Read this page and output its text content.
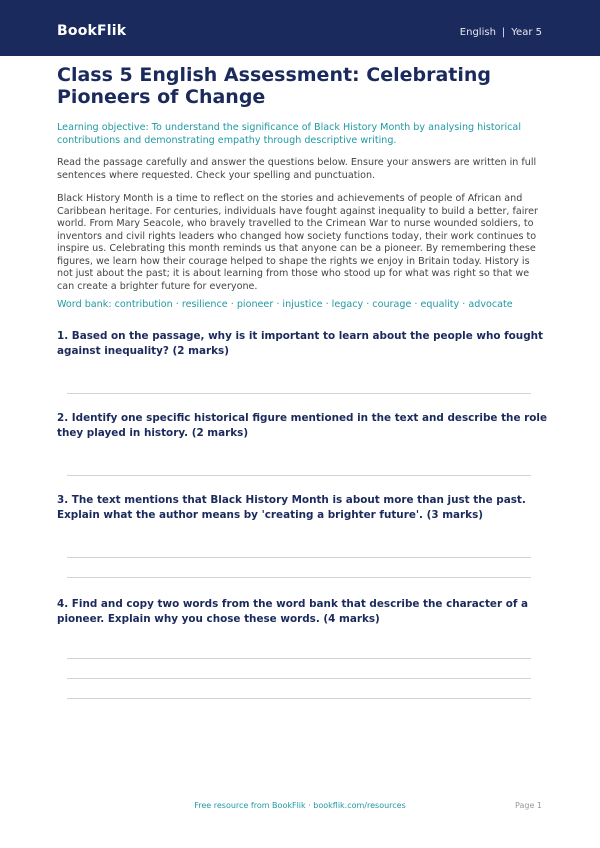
BookFlik	English | Year 5
Class 5 English Assessment: Celebrating Pioneers of Change
Learning objective: To understand the significance of Black History Month by analysing historical contributions and demonstrating empathy through descriptive writing.
Read the passage carefully and answer the questions below. Ensure your answers are written in full sentences where requested. Check your spelling and punctuation.
Black History Month is a time to reflect on the stories and achievements of people of African and Caribbean heritage. For centuries, individuals have fought against inequality to build a better, fairer world. From Mary Seacole, who bravely travelled to the Crimean War to nurse wounded soldiers, to inventors and civil rights leaders who changed how society functions today, their work continues to inspire us. Celebrating this month reminds us that anyone can be a pioneer. By remembering these figures, we learn how their courage helped to shape the rights we enjoy in Britain today. History is not just about the past; it is about learning from those who stood up for what was right so that we can create a brighter future for everyone.
Word bank: contribution · resilience · pioneer · injustice · legacy · courage · equality · advocate
1. Based on the passage, why is it important to learn about the people who fought against inequality? (2 marks)
2. Identify one specific historical figure mentioned in the text and describe the role they played in history. (2 marks)
3. The text mentions that Black History Month is about more than just the past. Explain what the author means by 'creating a brighter future'. (3 marks)
4. Find and copy two words from the word bank that describe the character of a pioneer. Explain why you chose these words. (4 marks)
Free resource from BookFlik · bookflik.com/resources	Page 1
